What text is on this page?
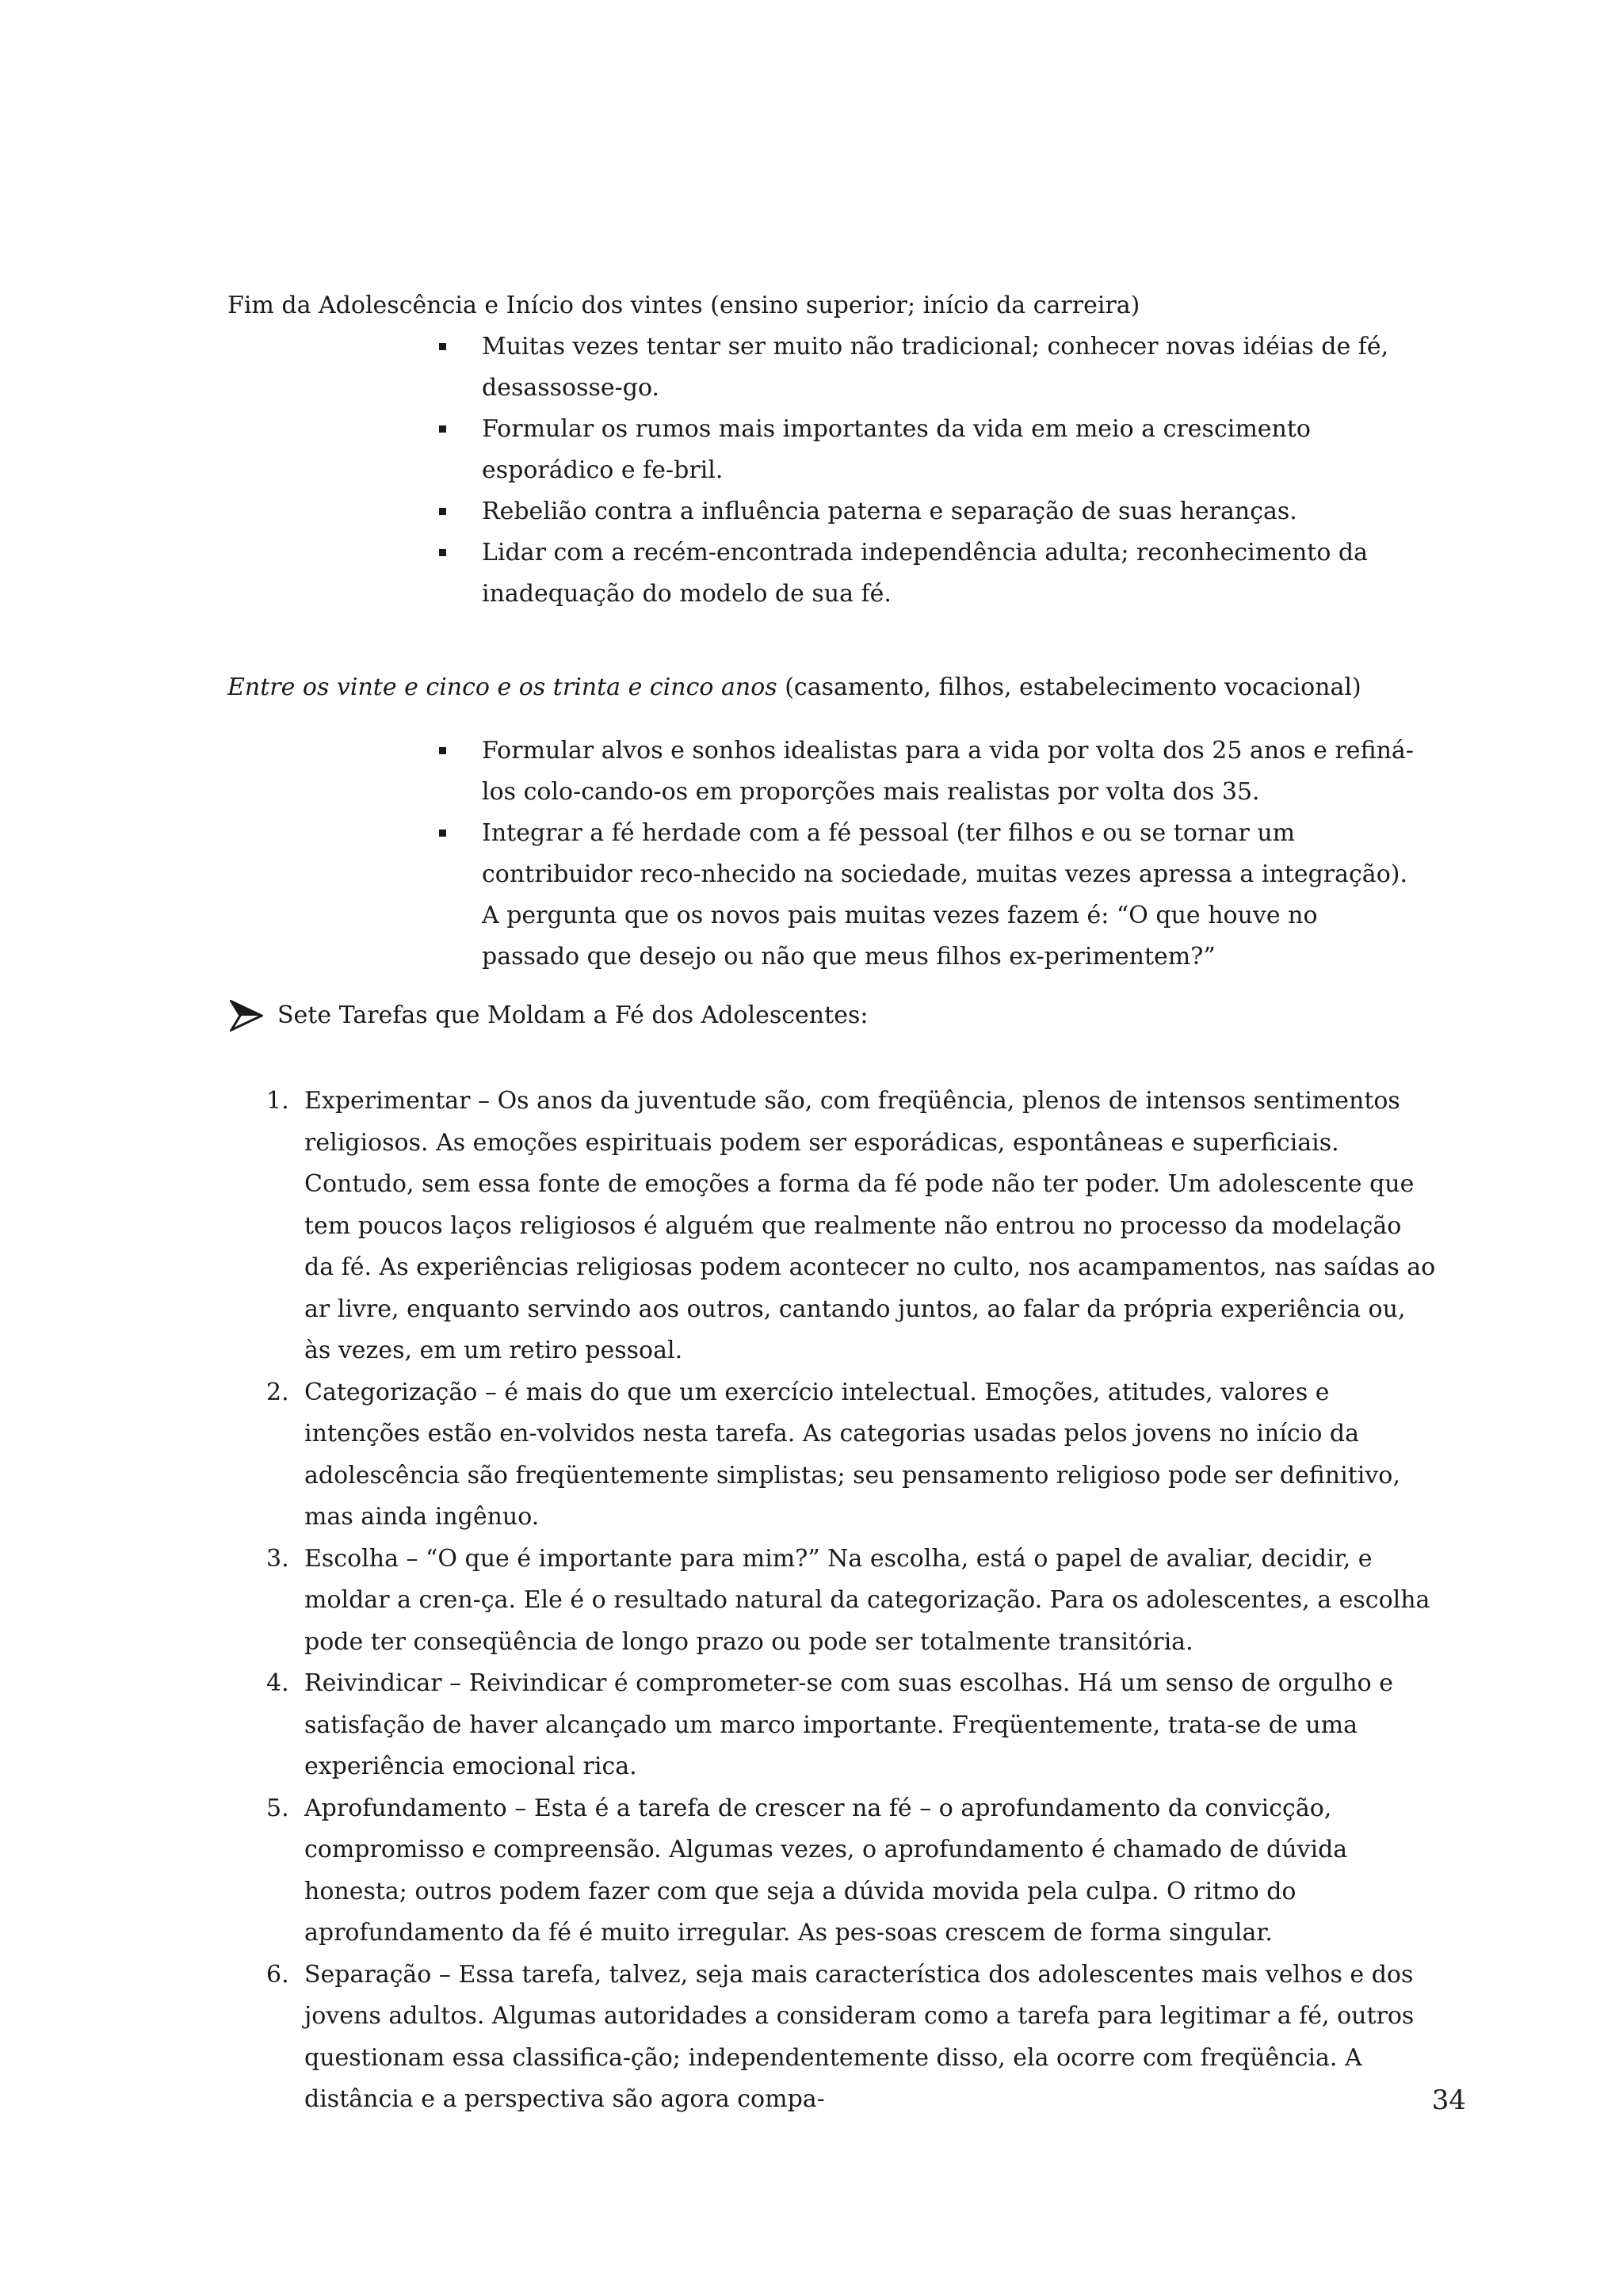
Fim da Adolescência e Início dos vintes (ensino superior; início da carreira)

Muitas vezes tentar ser muito não tradicional; conhecer novas idéias de fé, desassosse-go.
Formular os rumos mais importantes da vida em meio a crescimento esporádico e fe-bril.
Rebelião contra a influência paterna e separação de suas heranças.
Lidar com a recém-encontrada independência adulta; reconhecimento da inadequação do modelo de sua fé.

Entre os vinte e cinco e os trinta e cinco anos (casamento, filhos, estabelecimento vocacional)

Formular alvos e sonhos idealistas para a vida por volta dos 25 anos e refiná-los colo-cando-os em proporções mais realistas por volta dos 35.
Integrar a fé herdade com a fé pessoal (ter filhos e ou se tornar um contribuidor reco-nhecido na sociedade, muitas vezes apressa a integração). A pergunta que os novos pais muitas vezes fazem é: “O que houve no passado que desejo ou não que meus filhos ex-perimentem?”

Sete Tarefas que Moldam a Fé dos Adolescentes:

1. Experimentar – Os anos da juventude são, com freqüência, plenos de intensos sentimentos religiosos. As emoções espirituais podem ser esporádicas, espontâneas e superficiais. Contudo, sem essa fonte de emoções a forma da fé pode não ter poder. Um adolescente que tem poucos laços religiosos é alguém que realmente não entrou no processo da modelação da fé. As experiências religiosas podem acontecer no culto, nos acampamentos, nas saídas ao ar livre, enquanto servindo aos outros, cantando juntos, ao falar da própria experiência ou, às vezes, em um retiro pessoal.
2. Categorização – é mais do que um exercício intelectual. Emoções, atitudes, valores e intenções estão en-volvidos nesta tarefa. As categorias usadas pelos jovens no início da adolescência são freqüentemente simplistas; seu pensamento religioso pode ser definitivo, mas ainda ingênuo.
3. Escolha – “O que é importante para mim?” Na escolha, está o papel de avaliar, decidir, e moldar a cren-ça. Ele é o resultado natural da categorização. Para os adolescentes, a escolha pode ter conseqüência de longo prazo ou pode ser totalmente transitória.
4. Reivindicar – Reivindicar é comprometer-se com suas escolhas. Há um senso de orgulho e satisfação de haver alcançado um marco importante. Freqüentemente, trata-se de uma experiência emocional rica.
5. Aprofundamento – Esta é a tarefa de crescer na fé – o aprofundamento da convicção, compromisso e compreensão. Algumas vezes, o aprofundamento é chamado de dúvida honesta; outros podem fazer com que seja a dúvida movida pela culpa. O ritmo do aprofundamento da fé é muito irregular. As pes-soas crescem de forma singular.
6. Separação – Essa tarefa, talvez, seja mais característica dos adolescentes mais velhos e dos jovens adultos. Algumas autoridades a consideram como a tarefa para legitimar a fé, outros questionam essa classifica-ção; independentemente disso, ela ocorre com freqüência. A distância e a perspectiva são agora compa-	34
